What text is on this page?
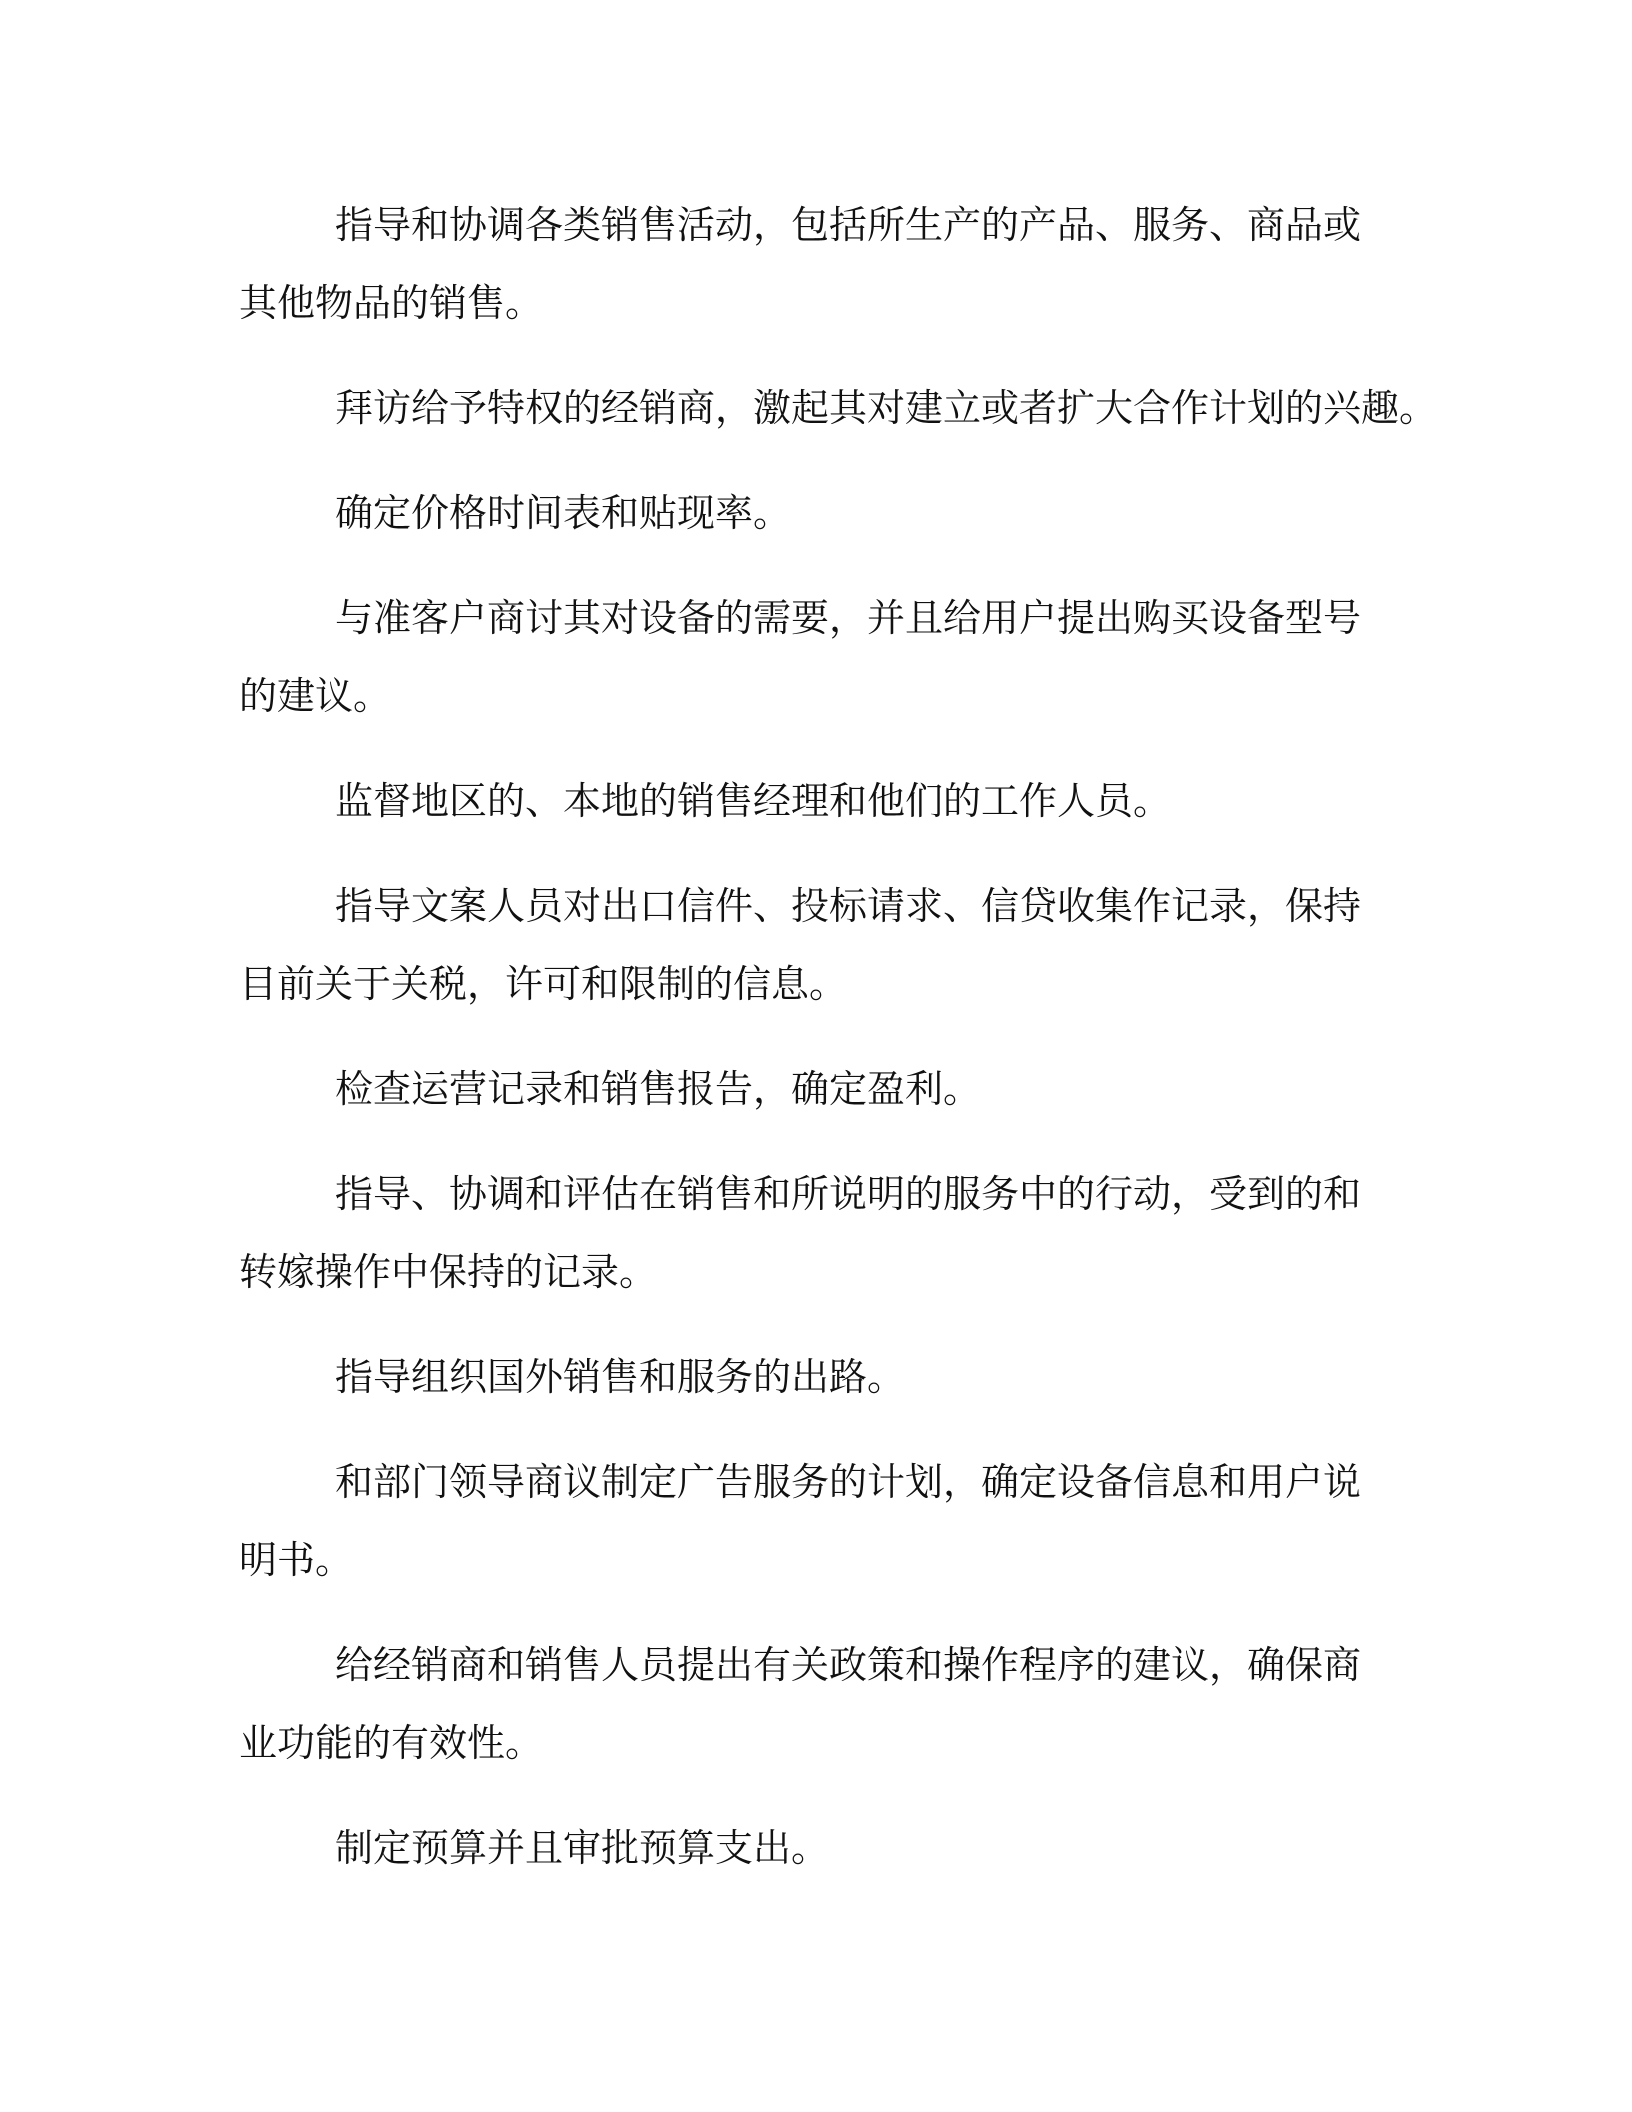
指导和协调各类销售活动，包括所生产的产品、服务、商品或其他物品的销售。

拜访给予特权的经销商，激起其对建立或者扩大合作计划的兴趣。

确定价格时间表和贴现率。

与准客户商讨其对设备的需要，并且给用户提出购买设备型号的建议。

监督地区的、本地的销售经理和他们的工作人员。

指导文案人员对出口信件、投标请求、信贷收集作记录，保持目前关于关税，许可和限制的信息。

检查运营记录和销售报告，确定盈利。

指导、协调和评估在销售和所说明的服务中的行动，受到的和转嫁操作中保持的记录。

指导组织国外销售和服务的出路。

和部门领导商议制定广告服务的计划，确定设备信息和用户说明书。

给经销商和销售人员提出有关政策和操作程序的建议，确保商业功能的有效性。

制定预算并且审批预算支出。
